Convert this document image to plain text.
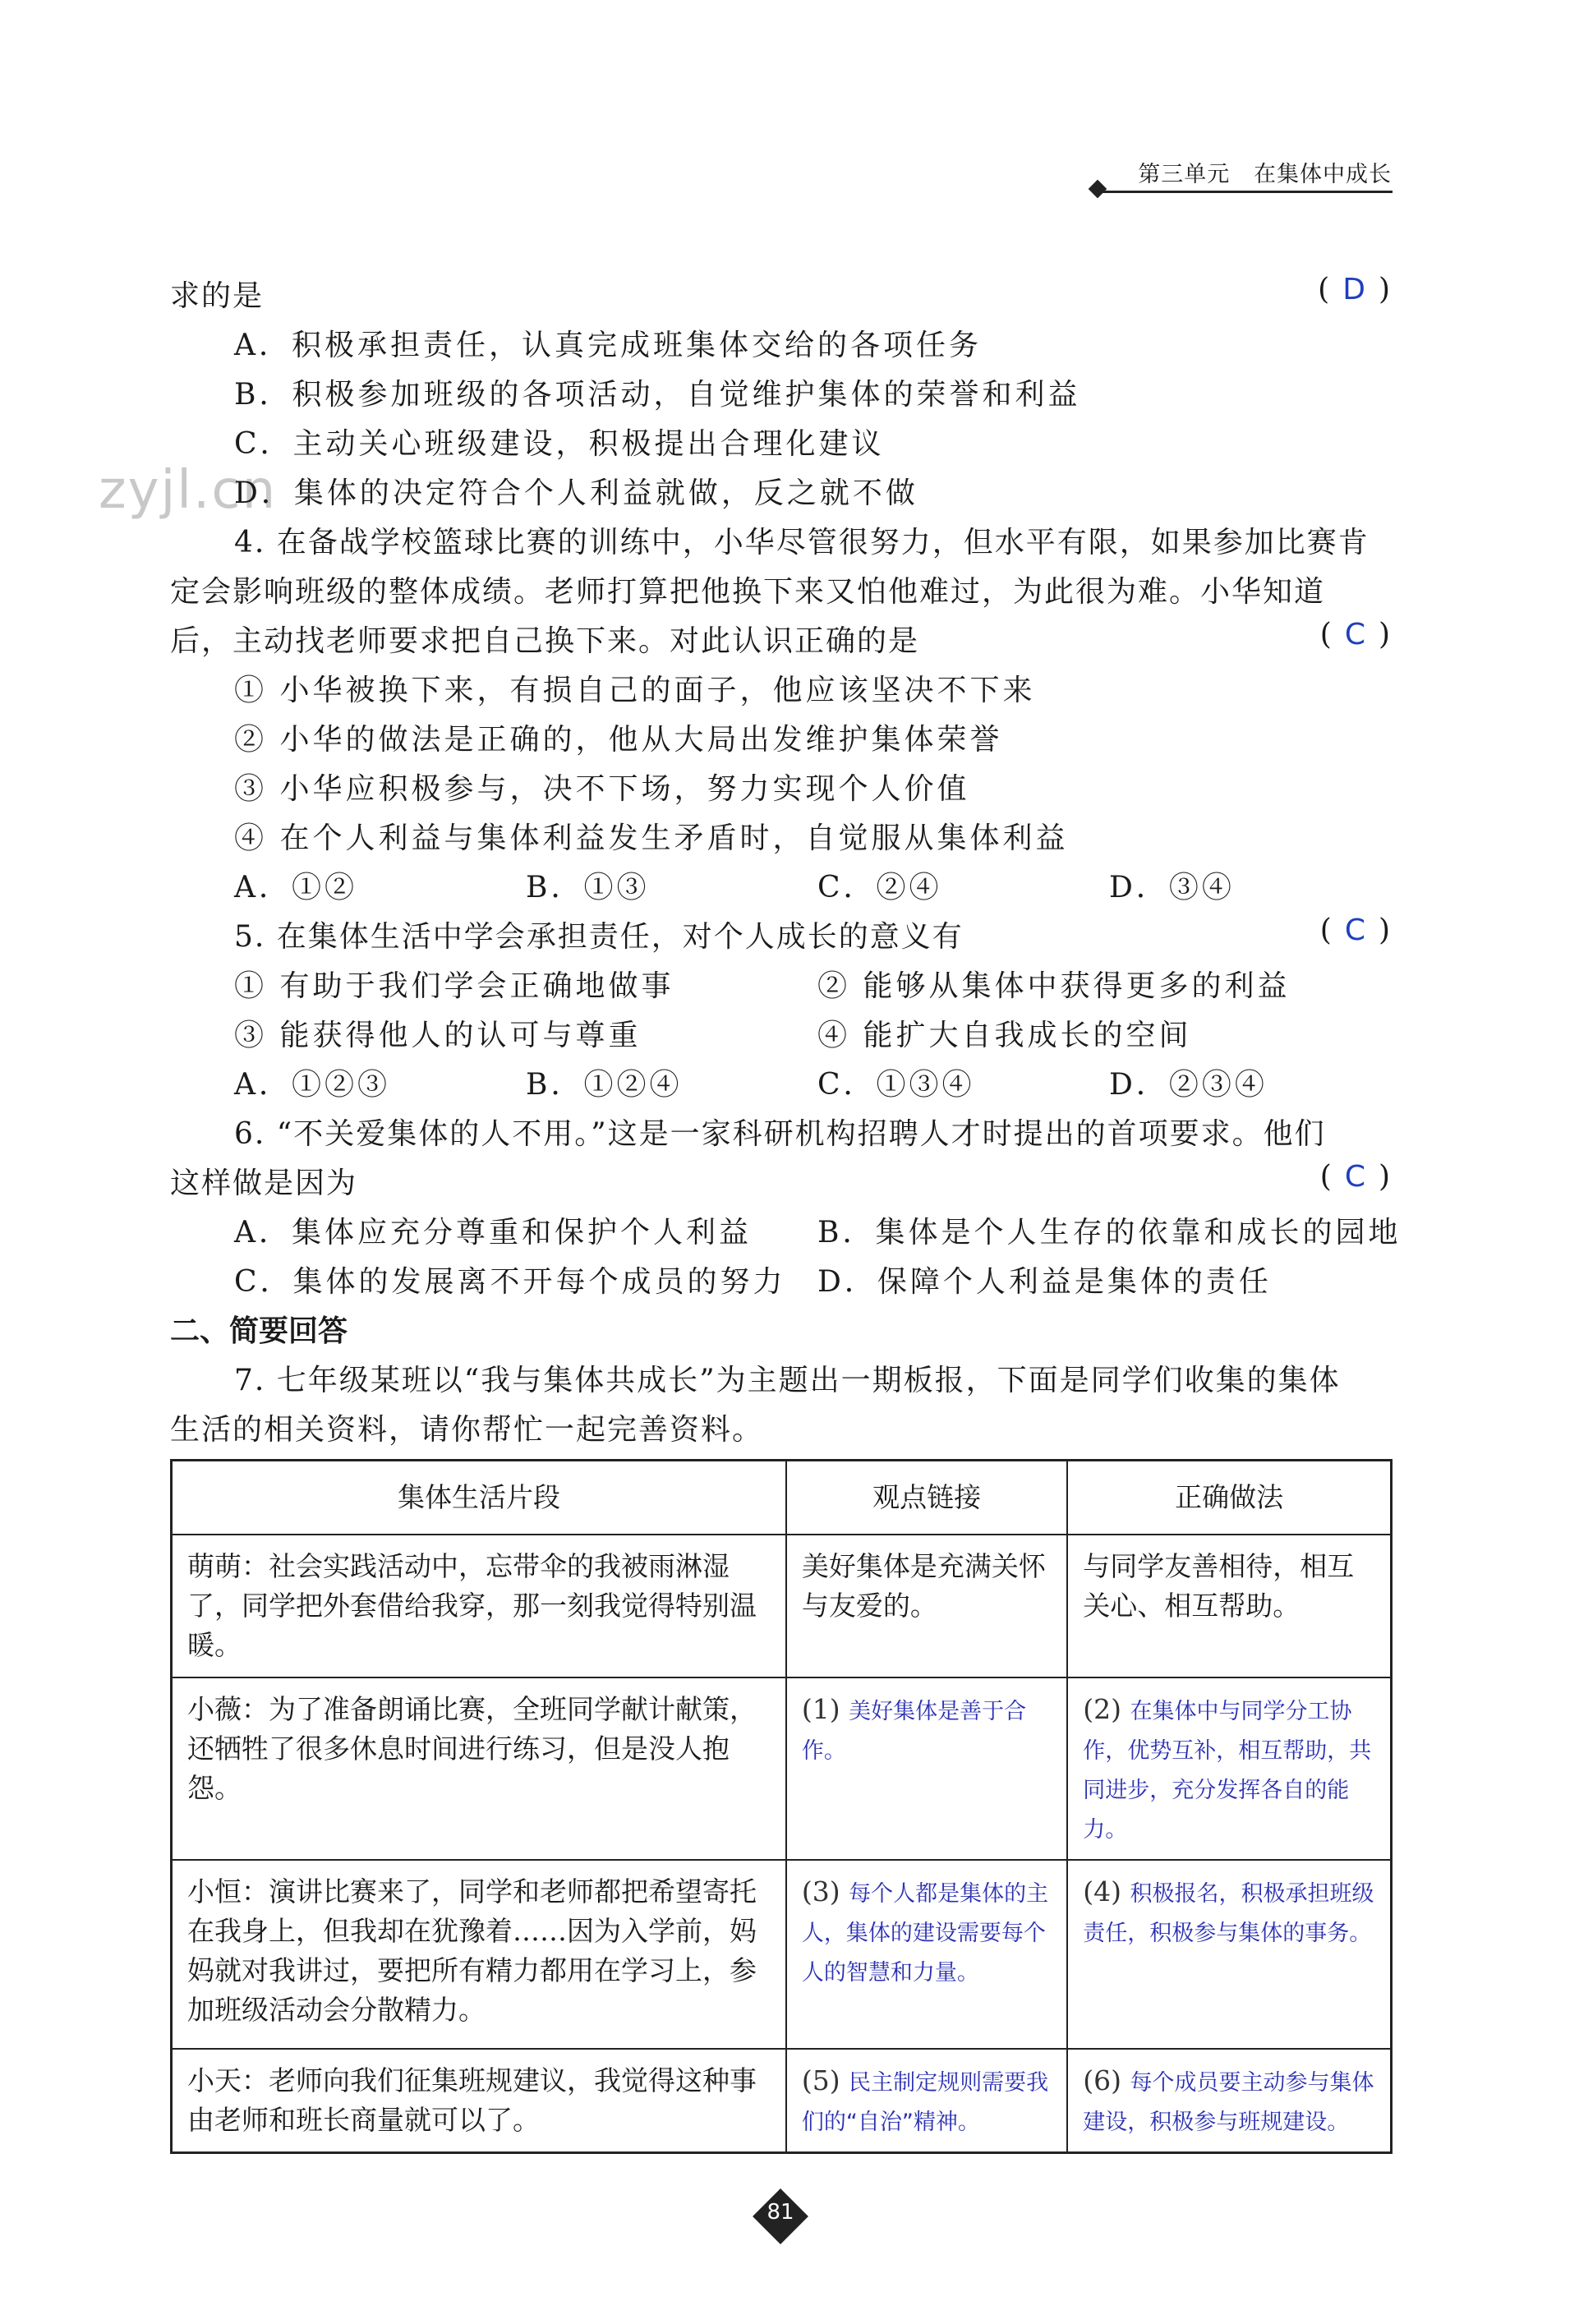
第三单元 在集体中成长
zyjl.cn
求的是	( D )
A．积极承担责任，认真完成班集体交给的各项任务
B．积极参加班级的各项活动，自觉维护集体的荣誉和利益
C．主动关心班级建设，积极提出合理化建议
D．集体的决定符合个人利益就做，反之就不做
4. 在备战学校篮球比赛的训练中，小华尽管很努力，但水平有限，如果参加比赛肯
定会影响班级的整体成绩。老师打算把他换下来又怕他难过，为此很为难。小华知道
后，主动找老师要求把自己换下来。对此认识正确的是	( C )
① 小华被换下来，有损自己的面子，他应该坚决不下来
② 小华的做法是正确的，他从大局出发维护集体荣誉
③ 小华应积极参与，决不下场，努力实现个人价值
④ 在个人利益与集体利益发生矛盾时，自觉服从集体利益
A．①②	B．①③	C．②④	D．③④
5. 在集体生活中学会承担责任，对个人成长的意义有	( C )
① 有助于我们学会正确地做事	② 能够从集体中获得更多的利益
③ 能获得他人的认可与尊重	④ 能扩大自我成长的空间
A．①②③	B．①②④	C．①③④	D．②③④
6. “不关爱集体的人不用。”这是一家科研机构招聘人才时提出的首项要求。他们
这样做是因为	( C )
A．集体应充分尊重和保护个人利益 B．集体是个人生存的依靠和成长的园地
C．集体的发展离不开每个成员的努力 D．保障个人利益是集体的责任
二、简要回答
7. 七年级某班以“我与集体共成长”为主题出一期板报，下面是同学们收集的集体
生活的相关资料，请你帮忙一起完善资料。
集体生活片段	观点链接	正确做法
萌萌：社会实践活动中，忘带伞的我被雨淋湿了，同学把外套借给我穿，那一刻我觉得特别温暖。	美好集体是充满关怀与友爱的。	与同学友善相待，相互关心、相互帮助。
小薇：为了准备朗诵比赛，全班同学献计献策，还牺牲了很多休息时间进行练习，但是没人抱怨。	(1) 美好集体是善于合作。	(2) 在集体中与同学分工协作，优势互补，相互帮助，共同进步，充分发挥各自的能力。
小恒：演讲比赛来了，同学和老师都把希望寄托在我身上，但我却在犹豫着……因为入学前，妈妈就对我讲过，要把所有精力都用在学习上，参加班级活动会分散精力。	(3) 每个人都是集体的主人，集体的建设需要每个人的智慧和力量。	(4) 积极报名，积极承担班级责任，积极参与集体的事务。
小天：老师向我们征集班规建议，我觉得这种事由老师和班长商量就可以了。	(5) 民主制定规则需要我们的“自治”精神。	(6) 每个成员要主动参与集体建设，积极参与班规建设。
81
